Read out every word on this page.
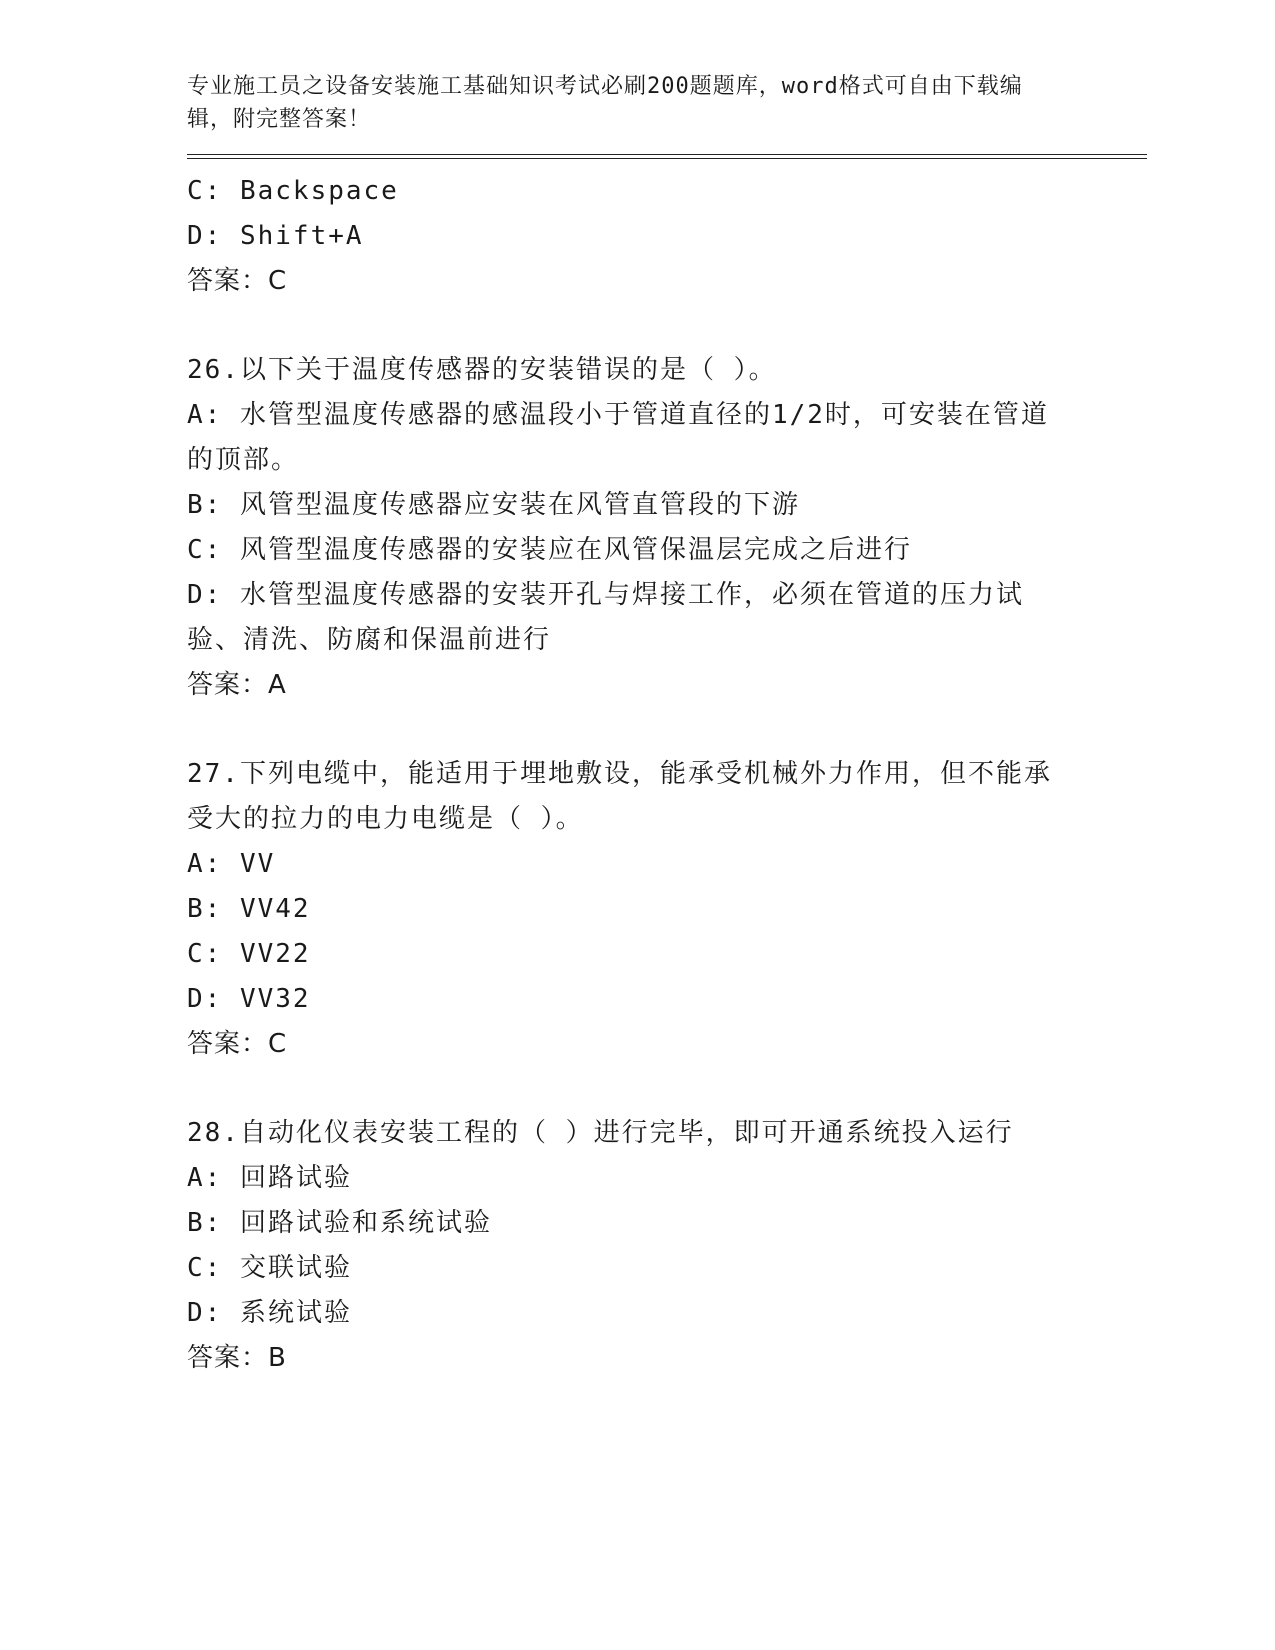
专业施工员之设备安装施工基础知识考试必刷200题题库，word格式可自由下载编辑，附完整答案！

C: Backspace

D: Shift+A

答案：C

26.以下关于温度传感器的安装错误的是（ ）。

A: 水管型温度传感器的感温段小于管道直径的1/2时，可安装在管道的顶部。

B: 风管型温度传感器应安装在风管直管段的下游

C: 风管型温度传感器的安装应在风管保温层完成之后进行

D: 水管型温度传感器的安装开孔与焊接工作，必须在管道的压力试验、清洗、防腐和保温前进行

答案：A

27.下列电缆中，能适用于埋地敷设，能承受机械外力作用，但不能承受大的拉力的电力电缆是（ ）。

A: VV

B: VV42

C: VV22

D: VV32

答案：C

28.自动化仪表安装工程的（ ）进行完毕，即可开通系统投入运行

A: 回路试验

B: 回路试验和系统试验

C: 交联试验

D: 系统试验

答案：B
